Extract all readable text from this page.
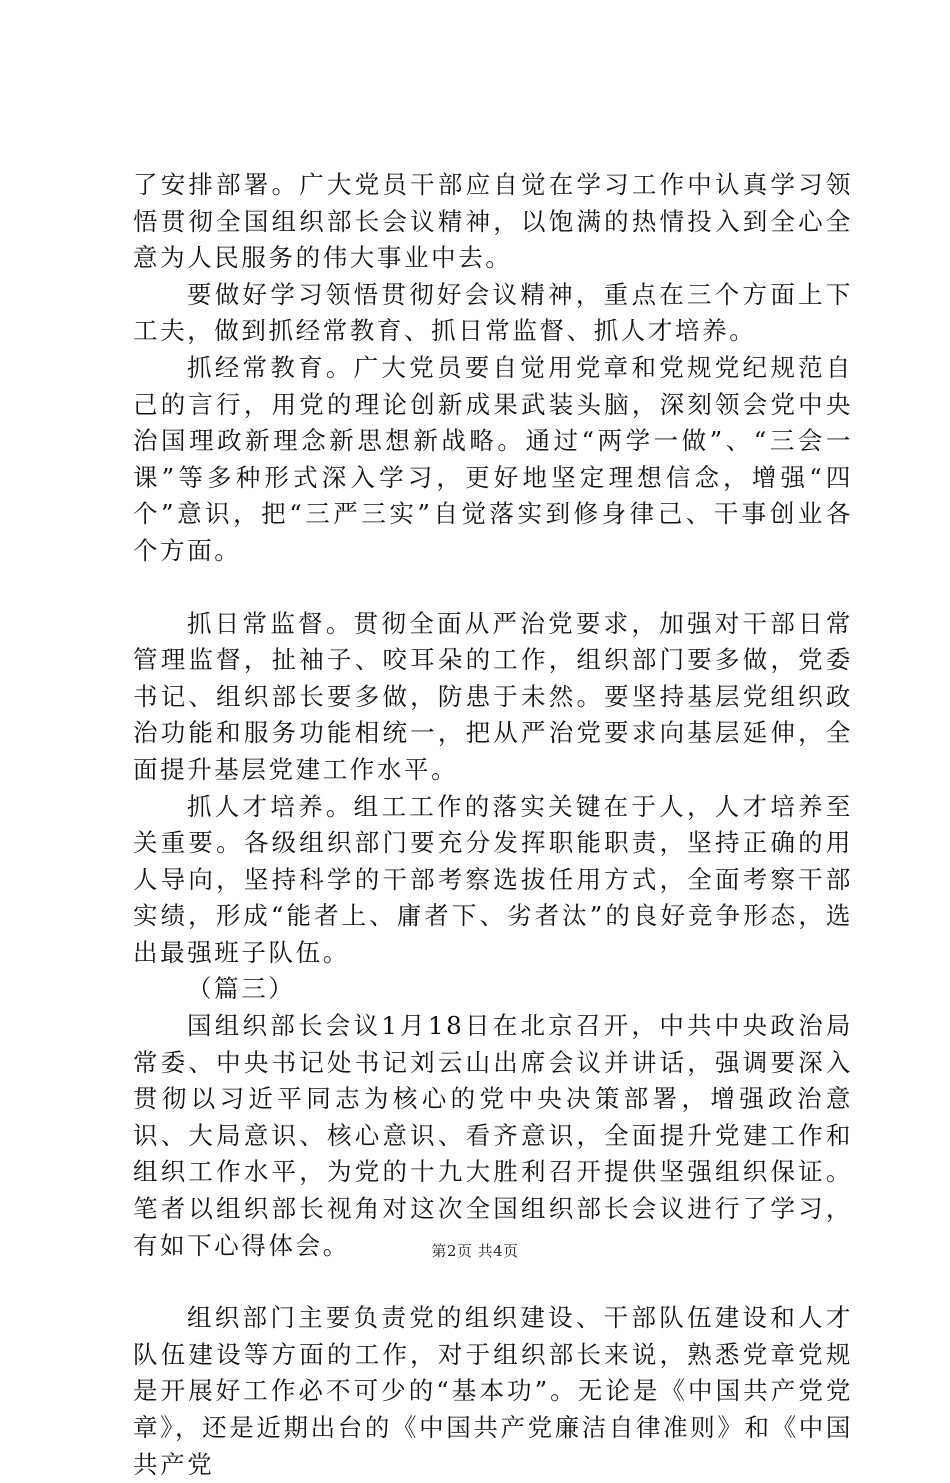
了安排部署。广大党员干部应自觉在学习工作中认真学习领悟贯彻全国组织部长会议精神，以饱满的热情投入到全心全意为人民服务的伟大事业中去。

要做好学习领悟贯彻好会议精神，重点在三个方面上下工夫，做到抓经常教育、抓日常监督、抓人才培养。

抓经常教育。广大党员要自觉用党章和党规党纪规范自己的言行，用党的理论创新成果武装头脑，深刻领会党中央治国理政新理念新思想新战略。通过“两学一做”、“三会一课”等多种形式深入学习，更好地坚定理想信念，增强“四个”意识，把“三严三实”自觉落实到修身律己、干事创业各个方面。

抓日常监督。贯彻全面从严治党要求，加强对干部日常管理监督，扯袖子、咬耳朵的工作，组织部门要多做，党委书记、组织部长要多做，防患于未然。要坚持基层党组织政治功能和服务功能相统一，把从严治党要求向基层延伸，全面提升基层党建工作水平。

抓人才培养。组工工作的落实关键在于人，人才培养至关重要。各级组织部门要充分发挥职能职责，坚持正确的用人导向，坚持科学的干部考察选拔任用方式，全面考察干部实绩，形成“能者上、庸者下、劣者汰”的良好竞争形态，选出最强班子队伍。

（篇三）

国组织部长会议1月18日在北京召开，中共中央政治局常委、中央书记处书记刘云山出席会议并讲话，强调要深入贯彻以习近平同志为核心的党中央决策部署，增强政治意识、大局意识、核心意识、看齐意识，全面提升党建工作和组织工作水平，为党的十九大胜利召开提供坚强组织保证。笔者以组织部长视角对这次全国组织部长会议进行了学习，有如下心得体会。

组织部门主要负责党的组织建设、干部队伍建设和人才队伍建设等方面的工作，对于组织部长来说，熟悉党章党规是开展好工作必不可少的“基本功”。无论是《中国共产党党章》，还是近期出台的《中国共产党廉洁自律准则》和《中国共产党

第2页 共4页
